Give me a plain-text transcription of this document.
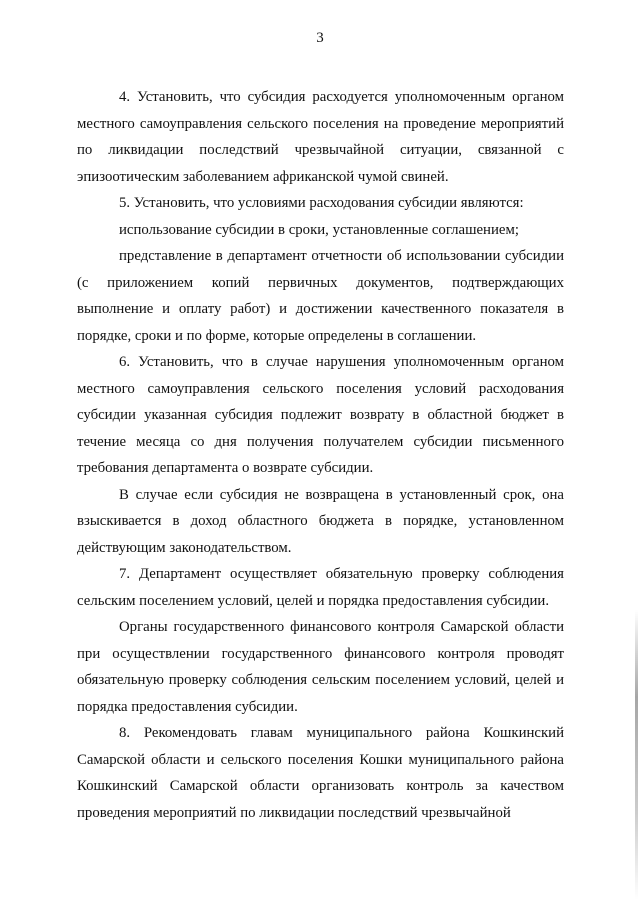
3

4. Установить, что субсидия расходуется уполномоченным органом местного самоуправления сельского поселения на проведение мероприятий по ликвидации последствий чрезвычайной ситуации, связанной с эпизоотическим заболеванием африканской чумой свиней.

5. Установить, что условиями расходования субсидии являются:

использование субсидии в сроки, установленные соглашением;

представление в департамент отчетности об использовании субсидии (с приложением копий первичных документов, подтверждающих выполнение и оплату работ) и достижении качественного показателя в порядке, сроки и по форме, которые определены в соглашении.

6. Установить, что в случае нарушения уполномоченным органом местного самоуправления сельского поселения условий расходования субсидии указанная субсидия подлежит возврату в областной бюджет в течение месяца со дня получения получателем субсидии письменного требования департамента о возврате субсидии.

В случае если субсидия не возвращена в установленный срок, она взыскивается в доход областного бюджета в порядке, установленном действующим законодательством.

7. Департамент осуществляет обязательную проверку соблюдения сельским поселением условий, целей и порядка предоставления субсидии.

Органы государственного финансового контроля Самарской области при осуществлении государственного финансового контроля проводят обязательную проверку соблюдения сельским поселением условий, целей и порядка предоставления субсидии.

8. Рекомендовать главам муниципального района Кошкинский Самарской области и сельского поселения Кошки муниципального района Кошкинский Самарской области организовать контроль за качеством проведения мероприятий по ликвидации последствий чрезвычайной
